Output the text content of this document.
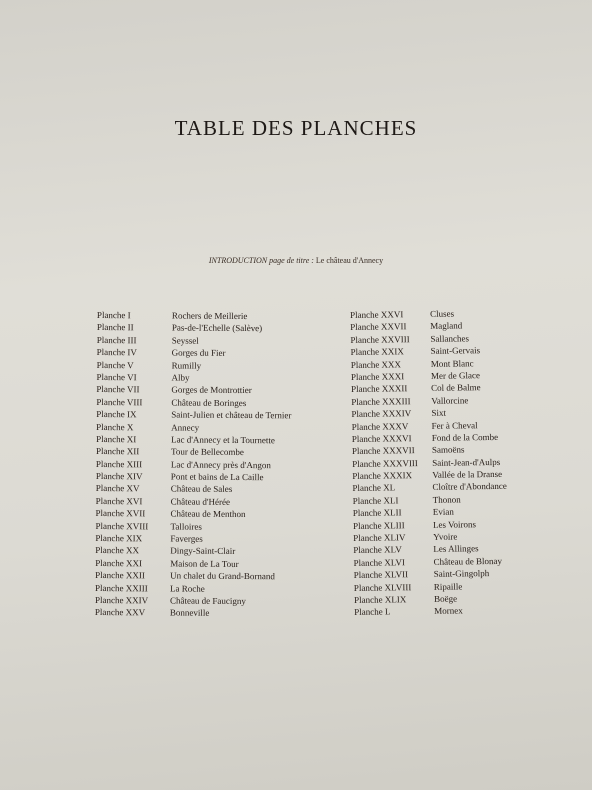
TABLE DES PLANCHES
INTRODUCTION page de titre : Le château d'Annecy
Planche I	Rochers de Meillerie
Planche II	Pas-de-l'Echelle (Salève)
Planche III	Seyssel
Planche IV	Gorges du Fier
Planche V	Rumilly
Planche VI	Alby
Planche VII	Gorges de Montrottier
Planche VIII	Château de Boringes
Planche IX	Saint-Julien et château de Ternier
Planche X	Annecy
Planche XI	Lac d'Annecy et la Tournette
Planche XII	Tour de Bellecombe
Planche XIII	Lac d'Annecy près d'Angon
Planche XIV	Pont et bains de La Caille
Planche XV	Château de Sales
Planche XVI	Château d'Hérée
Planche XVII	Château de Menthon
Planche XVIII Talloires
Planche XIX	Faverges
Planche XX	Dingy-Saint-Clair
Planche XXI	Maison de La Tour
Planche XXII	Un chalet du Grand-Bornand
Planche XXIII La Roche
Planche XXIV Château de Faucigny
Planche XXV	Bonneville
Planche XXVI	Cluses
Planche XXVII	Magland
Planche XXVIII Sallanches
Planche XXIX	Saint-Gervais
Planche XXX	Mont Blanc
Planche XXXI	Mer de Glace
Planche XXXII	Col de Balme
Planche XXXIII Vallorcine
Planche XXXIV Sixt
Planche XXXV	Fer à Cheval
Planche XXXVI Fond de la Combe
Planche XXXVII Samoëns
Planche XXXVIII Saint-Jean-d'Aulps
Planche XXXIX Vallée de la Dranse
Planche XL	Cloître d'Abondance
Planche XLI	Thonon
Planche XLII	Evian
Planche XLIII	Les Voirons
Planche XLIV	Yvoire
Planche XLV	Les Allinges
Planche XLVI	Château de Blonay
Planche XLVII	Saint-Gingolph
Planche XLVIII Ripaille
Planche XLIX	Boëge
Planche L	Mornex
